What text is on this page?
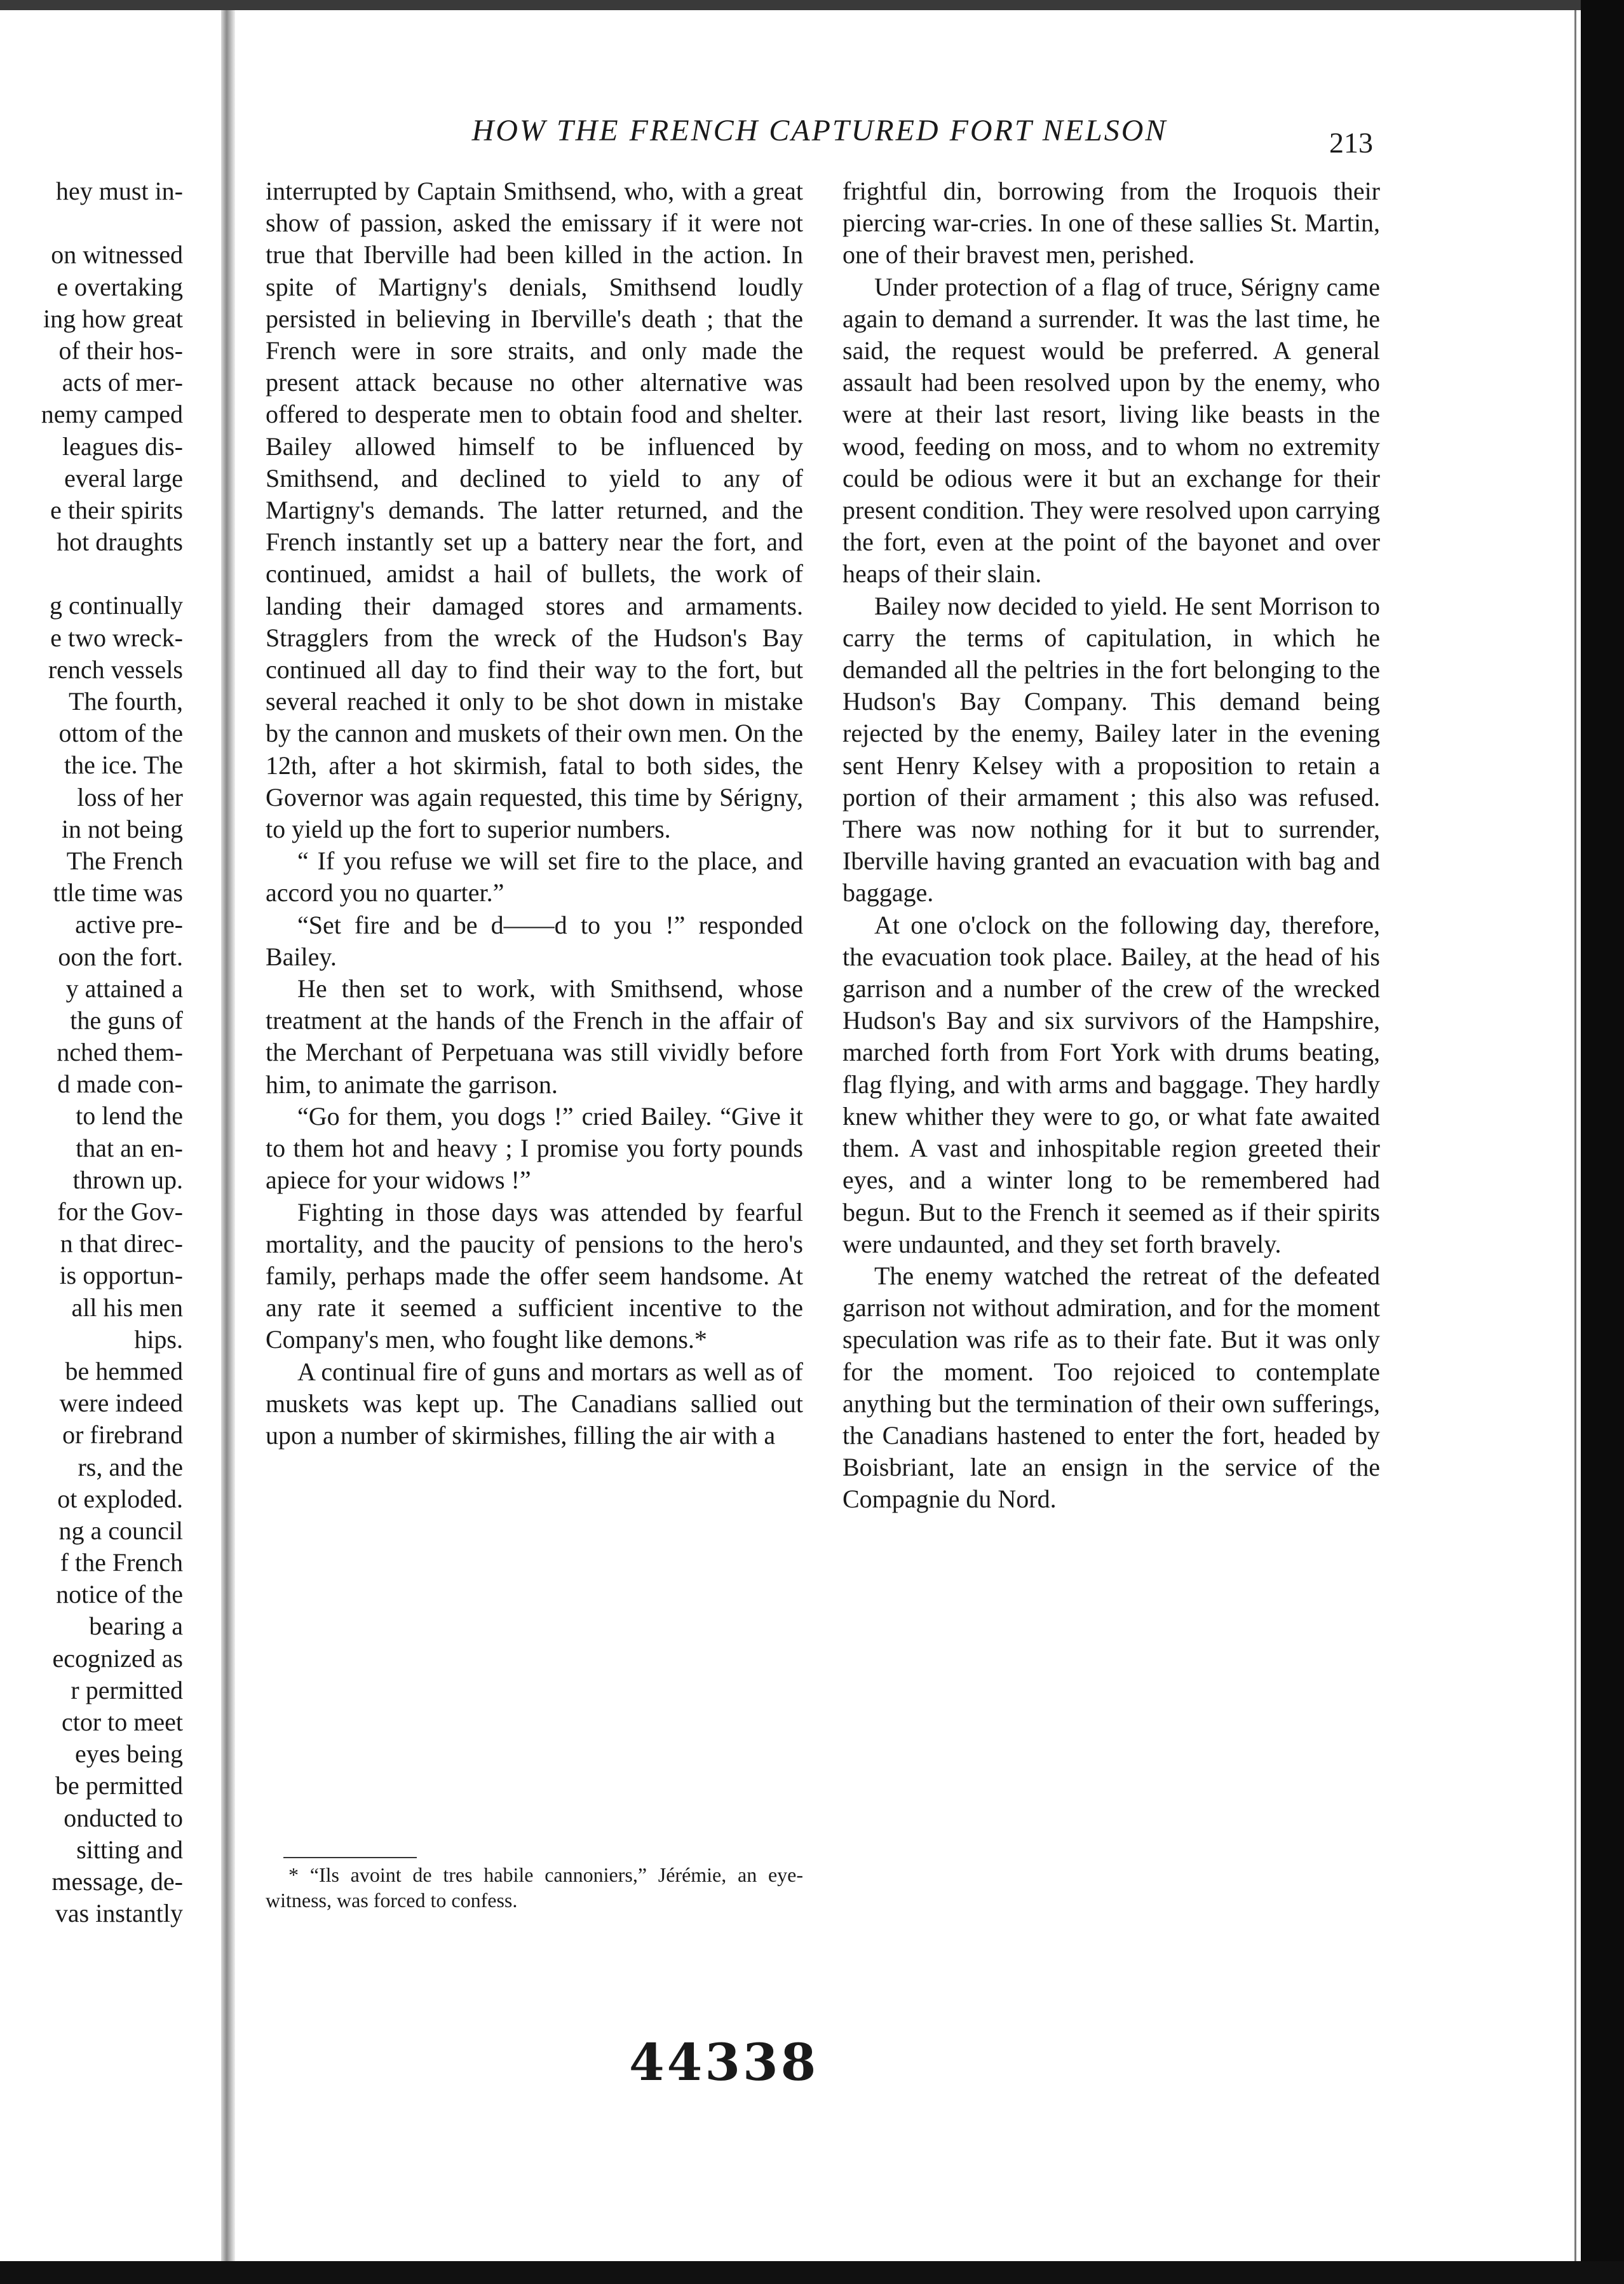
HOW THE FRENCH CAPTURED FORT NELSON	213
hey must in-
on witnessed
e overtaking
ing how great
of their hos-
acts of mer-
nemy camped
leagues dis-
everal large
e their spirits
hot draughts
g continually
e two wreck-
rench vessels
The fourth,
ottom of the
the ice. The
loss of her
in not being
The French
ttle time was
active pre-
oon the fort.
y attained a
the guns of
nched them-
d made con-
to lend the
that an en-
thrown up.
for the Gov-
n that direc-
is opportun-
all his men
hips.
be hemmed
were indeed
or firebrand
rs, and the
ot exploded.
ng a council
f the French
notice of the
bearing a
ecognized as
r permitted
ctor to meet
eyes being
be permitted
onducted to
sitting and
message, de-
vas instantly

interrupted by Captain Smithsend, who, with a great show of passion, asked the emissary if it were not true that Iberville had been killed in the action. In spite of Martigny's denials, Smithsend loudly persisted in believing in Iberville's death ; that the French were in sore straits, and only made the present attack because no other alternative was offered to desperate men to obtain food and shelter. Bailey allowed himself to be influenced by Smithsend, and declined to yield to any of Martigny's demands. The latter returned, and the French instantly set up a battery near the fort, and continued, amidst a hail of bullets, the work of landing their damaged stores and armaments. Stragglers from the wreck of the Hudson's Bay continued all day to find their way to the fort, but several reached it only to be shot down in mistake by the cannon and muskets of their own men. On the 12th, after a hot skirmish, fatal to both sides, the Governor was again requested, this time by Sérigny, to yield up the fort to superior numbers.

“ If you refuse we will set fire to the place, and accord you no quarter.”

“Set fire and be d——d to you !” responded Bailey.

He then set to work, with Smithsend, whose treatment at the hands of the French in the affair of the Merchant of Perpetuana was still vividly before him, to animate the garrison.

“Go for them, you dogs !” cried Bailey. “Give it to them hot and heavy ; I promise you forty pounds apiece for your widows !”

Fighting in those days was attended by fearful mortality, and the paucity of pensions to the hero's family, perhaps made the offer seem handsome. At any rate it seemed a sufficient incentive to the Company's men, who fought like demons.*

A continual fire of guns and mortars as well as of muskets was kept up. The Canadians sallied out upon a number of skirmishes, filling the air with a

* “Ils avoint de tres habile cannoniers,” Jérémie, an eye-witness, was forced to confess.

frightful din, borrowing from the Iroquois their piercing war-cries. In one of these sallies St. Martin, one of their bravest men, perished.

Under protection of a flag of truce, Sérigny came again to demand a surrender. It was the last time, he said, the request would be preferred. A general assault had been resolved upon by the enemy, who were at their last resort, living like beasts in the wood, feeding on moss, and to whom no extremity could be odious were it but an exchange for their present condition. They were resolved upon carrying the fort, even at the point of the bayonet and over heaps of their slain.

Bailey now decided to yield. He sent Morrison to carry the terms of capitulation, in which he demanded all the peltries in the fort belonging to the Hudson's Bay Company. This demand being rejected by the enemy, Bailey later in the evening sent Henry Kelsey with a proposition to retain a portion of their armament ; this also was refused. There was now nothing for it but to surrender, Iberville having granted an evacuation with bag and baggage.

At one o'clock on the following day, therefore, the evacuation took place. Bailey, at the head of his garrison and a number of the crew of the wrecked Hudson's Bay and six survivors of the Hampshire, marched forth from Fort York with drums beating, flag flying, and with arms and baggage. They hardly knew whither they were to go, or what fate awaited them. A vast and inhospitable region greeted their eyes, and a winter long to be remembered had begun. But to the French it seemed as if their spirits were undaunted, and they set forth bravely.

The enemy watched the retreat of the defeated garrison not without admiration, and for the moment speculation was rife as to their fate. But it was only for the moment. Too rejoiced to contemplate anything but the termination of their own sufferings, the Canadians hastened to enter the fort, headed by Boisbriant, late an ensign in the service of the Compagnie du Nord.

44338
